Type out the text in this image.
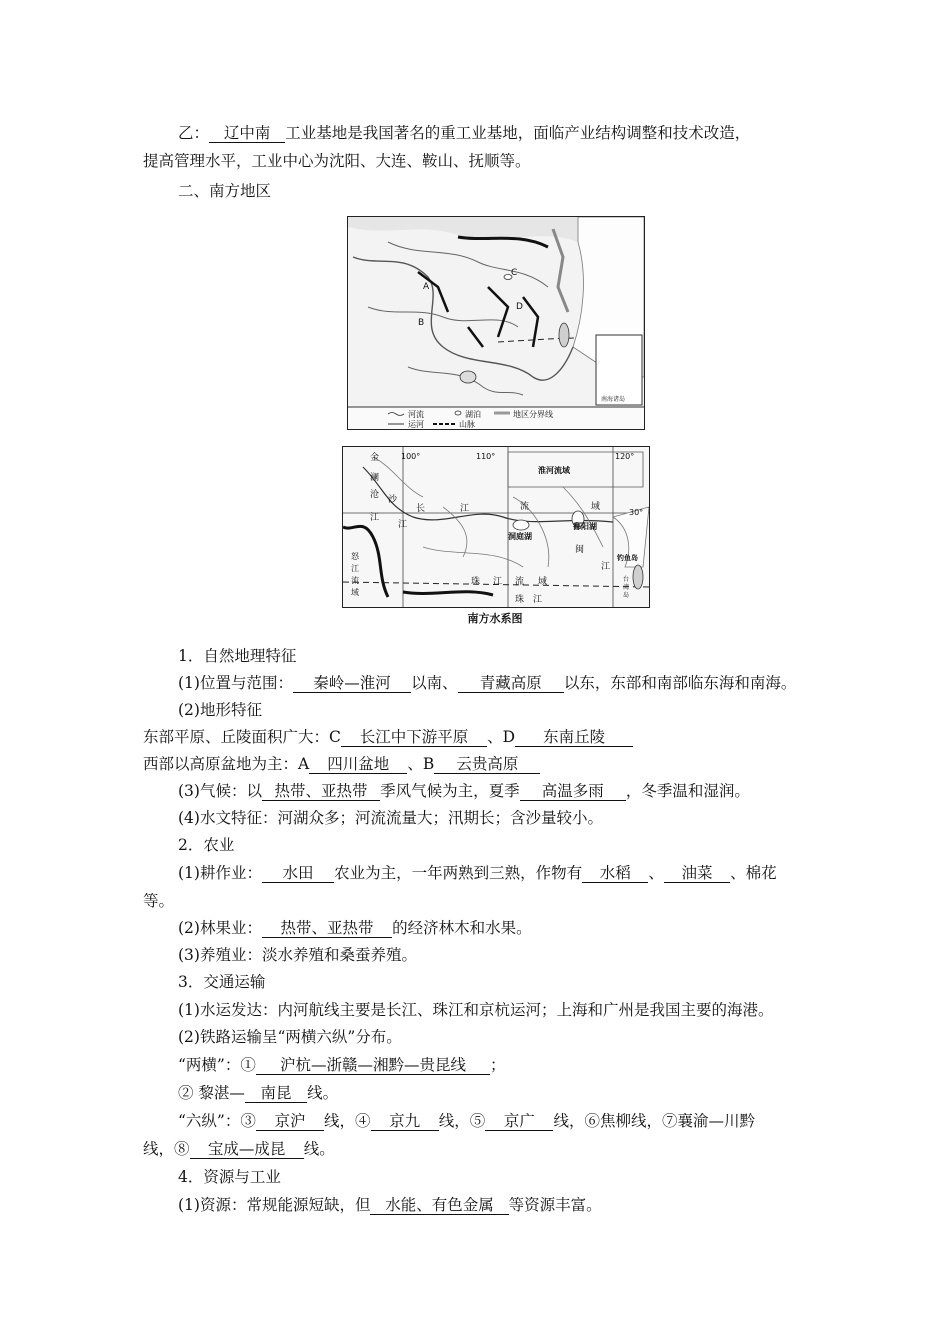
乙： 辽中南 工业基地是我国著名的重工业基地，面临产业结构调整和技术改造，
提高管理水平，工业中心为沈阳、大连、鞍山、抚顺等。
二、南方地区
南海诸岛
A
B
C
D
河流	湖泊	地区分界线
运河	山脉
100°	110°	120°
30°
金
沙
江
澜
沧
江
长	江	流	域
淮河流域
鄱阳湖
洞庭湖
闽
江
钓鱼岛
珠 江 流 域
珠 江
怒
江
流
域
台
湾
岛
南方水系图
1．自然地理特征
(1)位置与范围： 秦岭—淮河 以南、 青藏高原 以东，东部和南部临东海和南海。
(2)地形特征
东部平原、丘陵面积广大：C 长江中下游平原 、D 东南丘陵
西部以高原盆地为主：A 四川盆地 、B 云贵高原
(3)气候：以 热带、亚热带 季风气候为主，夏季 高温多雨 ，冬季温和湿润。
(4)水文特征：河湖众多；河流流量大；汛期长；含沙量较小。
2．农业
(1)耕作业： 水田 农业为主，一年两熟到三熟，作物有 水稻 、 油菜 、棉花
等。
(2)林果业： 热带、亚热带 的经济林木和水果。
(3)养殖业：淡水养殖和桑蚕养殖。
3．交通运输
(1)水运发达：内河航线主要是长江、珠江和京杭运河；上海和广州是我国主要的海港。
(2)铁路运输呈“两横六纵”分布。
“两横”：① 沪杭—浙赣—湘黔—贵昆线 ；
② 黎湛— 南昆 线。
“六纵”：③ 京沪 线，④ 京九 线，⑤ 京广 线，⑥焦柳线，⑦襄渝—川黔
线，⑧ 宝成—成昆 线。
4．资源与工业
(1)资源：常规能源短缺，但 水能、有色金属 等资源丰富。
